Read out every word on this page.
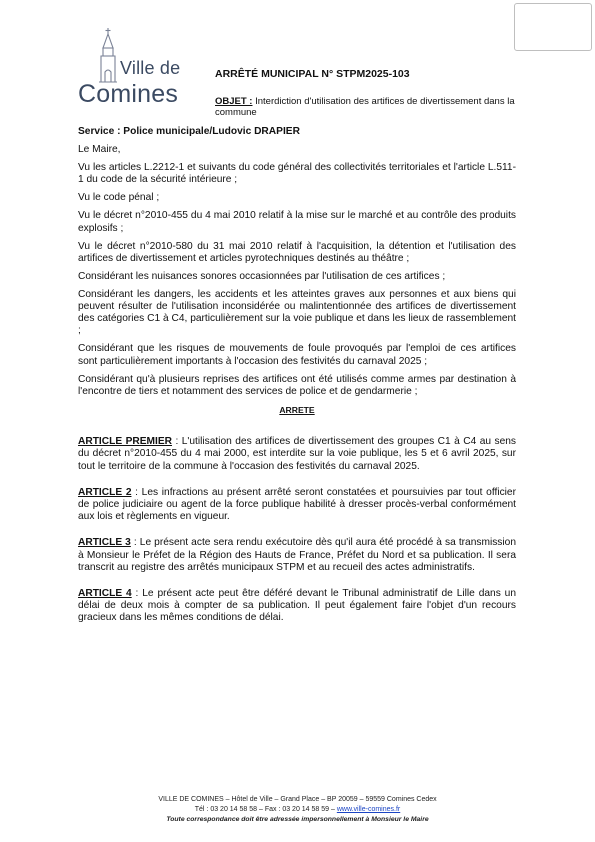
Ville de
Comines
ARRÊTÉ MUNICIPAL N° STPM2025-103
OBJET : Interdiction d'utilisation des artifices de divertissement dans la commune

Service : Police municipale/Ludovic DRAPIER

Le Maire,

Vu les articles L.2212-1 et suivants du code général des collectivités territoriales et l'article L.511-1 du code de la sécurité intérieure ;

Vu le code pénal ;

Vu le décret n°2010-455 du 4 mai 2010 relatif à la mise sur le marché et au contrôle des produits explosifs ;

Vu le décret n°2010-580 du 31 mai 2010 relatif à l'acquisition, la détention et l'utilisation des artifices de divertissement et articles pyrotechniques destinés au théâtre ;

Considérant les nuisances sonores occasionnées par l'utilisation de ces artifices ;

Considérant les dangers, les accidents et les atteintes graves aux personnes et aux biens qui peuvent résulter de l'utilisation inconsidérée ou malintentionnée des artifices de divertissement des catégories C1 à C4, particulièrement sur la voie publique et dans les lieux de rassemblement ;

Considérant que les risques de mouvements de foule provoqués par l'emploi de ces artifices sont particulièrement importants à l'occasion des festivités du carnaval 2025 ;

Considérant qu'à plusieurs reprises des artifices ont été utilisés comme armes par destination à l'encontre de tiers et notamment des services de police et de gendarmerie ;

ARRETE

ARTICLE PREMIER : L'utilisation des artifices de divertissement des groupes C1 à C4 au sens du décret n°2010-455 du 4 mai 2000, est interdite sur la voie publique, les 5 et 6 avril 2025, sur tout le territoire de la commune à l'occasion des festivités du carnaval 2025.

ARTICLE 2 : Les infractions au présent arrêté seront constatées et poursuivies par tout officier de police judiciaire ou agent de la force publique habilité à dresser procès-verbal conformément aux lois et règlements en vigueur.

ARTICLE 3 : Le présent acte sera rendu exécutoire dès qu'il aura été procédé à sa transmission à Monsieur le Préfet de la Région des Hauts de France, Préfet du Nord et sa publication. Il sera transcrit au registre des arrêtés municipaux STPM et au recueil des actes administratifs.

ARTICLE 4 : Le présent acte peut être déféré devant le Tribunal administratif de Lille dans un délai de deux mois à compter de sa publication. Il peut également faire l'objet d'un recours gracieux dans les mêmes conditions de délai.

VILLE DE COMINES – Hôtel de Ville – Grand Place – BP 20059 – 59559 Comines Cedex
Tél : 03 20 14 58 58 – Fax : 03 20 14 58 59 – www.ville-comines.fr
Toute correspondance doit être adressée impersonnellement à Monsieur le Maire
